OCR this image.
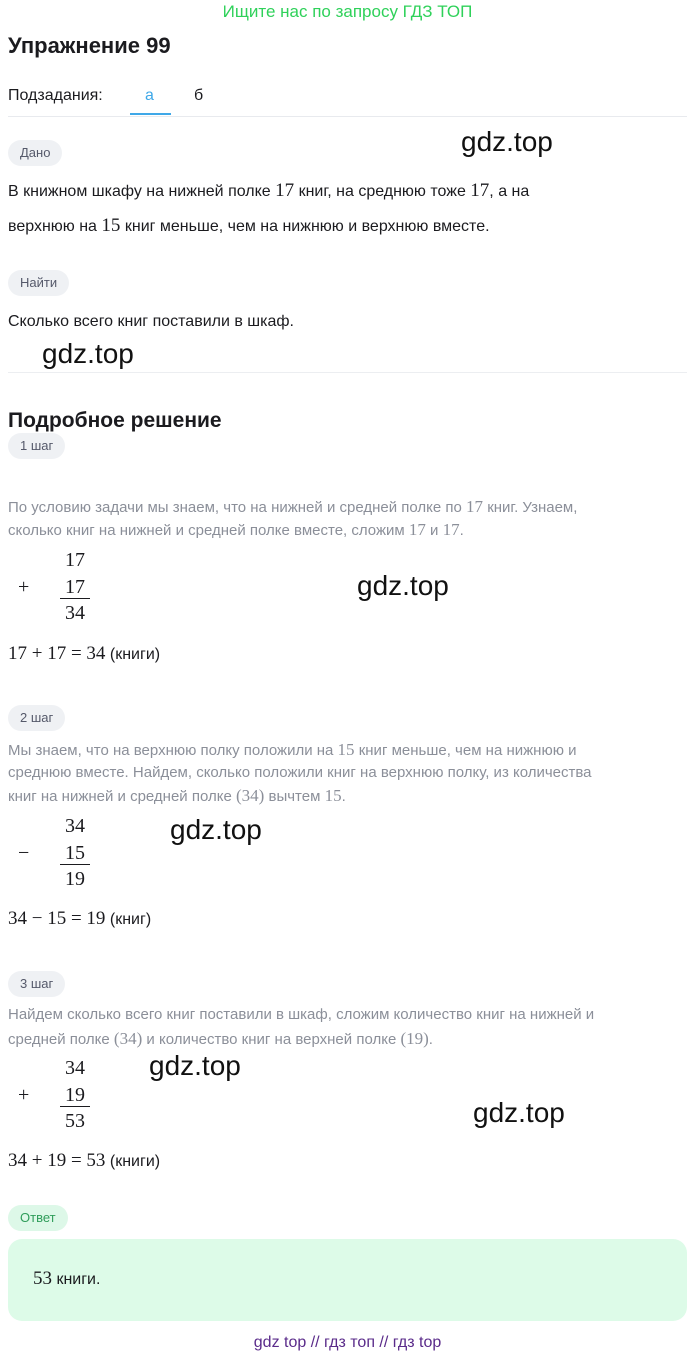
Ищите нас по запросу ГДЗ ТОП
Упражнение 99
Подзадания:	а	б
Дано
В книжном шкафу на нижней полке 17 книг, на среднюю тоже 17, а на
верхнюю на 15 книг меньше, чем на нижнюю и верхнюю вместе.
Найти
Сколько всего книг поставили в шкаф.
Подробное решение
1 шаг
По условию задачи мы знаем, что на нижней и средней полке по 17 книг. Узнаем,
сколько книг на нижней и средней полке вместе, сложим 17 и 17.
+
17
17
34
17 + 17 = 34 (книги)
2 шаг
Мы знаем, что на верхнюю полку положили на 15 книг меньше, чем на нижнюю и
среднюю вместе. Найдем, сколько положили книг на верхнюю полку, из количества
книг на нижней и средней полке (34) вычтем 15.
−
34
15
19
34 − 15 = 19 (книг)
3 шаг
Найдем сколько всего книг поставили в шкаф, сложим количество книг на нижней и
средней полке (34) и количество книг на верхней полке (19).
+
34
19
53
34 + 19 = 53 (книги)
Ответ
53 книги.
gdz.top
gdz.top
gdz.top
gdz.top
gdz.top
gdz.top
gdz top // гдз топ // гдз top
